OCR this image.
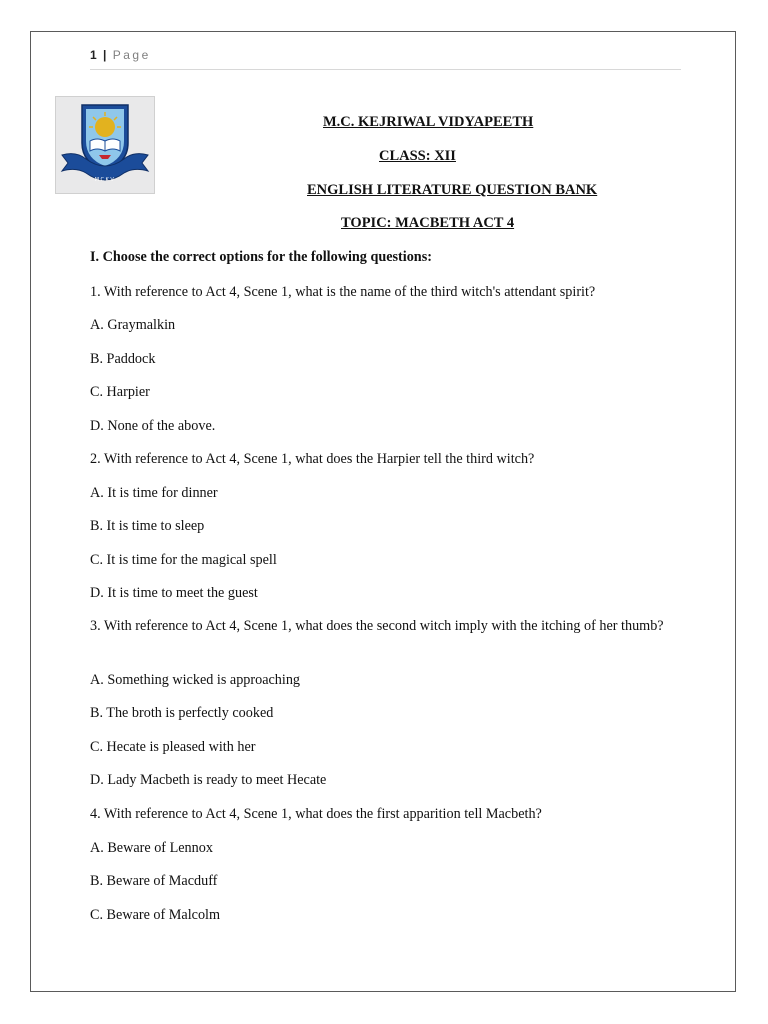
1 | Page
MCKV
M.C. KEJRIWAL VIDYAPEETH
CLASS: XII
ENGLISH LITERATURE QUESTION BANK
TOPIC: MACBETH ACT 4
I. Choose the correct options for the following questions:
1. With reference to Act 4, Scene 1, what is the name of the third witch's attendant spirit?
A. Graymalkin
B. Paddock
C. Harpier
D. None of the above.
2. With reference to Act 4, Scene 1, what does the Harpier tell the third witch?
A. It is time for dinner
B. It is time to sleep
C. It is time for the magical spell
D. It is time to meet the guest
3. With reference to Act 4, Scene 1, what does the second witch imply with the itching of her thumb?
A. Something wicked is approaching
B. The broth is perfectly cooked
C. Hecate is pleased with her
D. Lady Macbeth is ready to meet Hecate
4. With reference to Act 4, Scene 1, what does the first apparition tell Macbeth?
A. Beware of Lennox
B. Beware of Macduff
C. Beware of Malcolm
